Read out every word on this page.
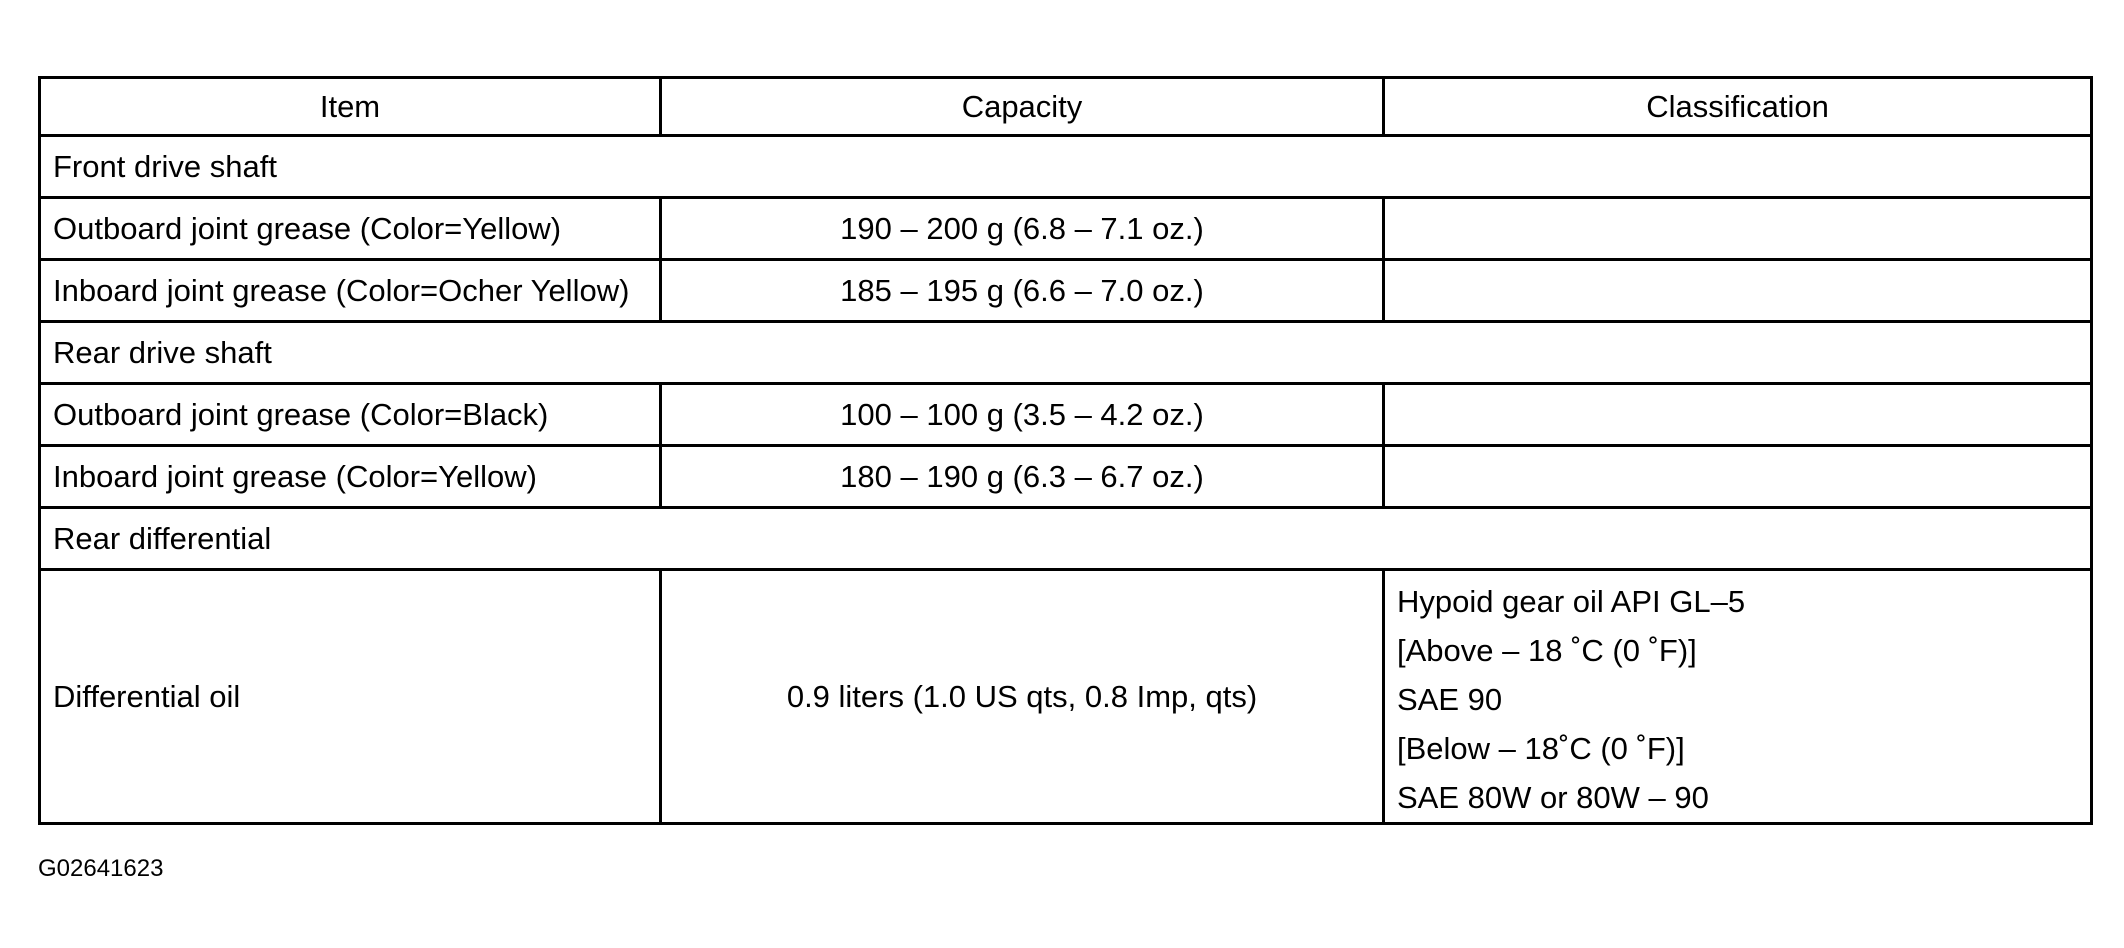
Item	Capacity	Classification
Front drive shaft		
Outboard joint grease (Color=Yellow)	190 – 200 g (6.8 – 7.1 oz.)	
Inboard joint grease (Color=Ocher Yellow)	185 – 195 g (6.6 – 7.0 oz.)	
Rear drive shaft		
Outboard joint grease (Color=Black)	100 – 100 g (3.5 – 4.2 oz.)	
Inboard joint grease (Color=Yellow)	180 – 190 g (6.3 – 6.7 oz.)	
Rear differential		
Differential oil	0.9 liters (1.0 US qts, 0.8 Imp, qts)	Hypoid gear oil API GL–5
[Above – 18 ˚C (0 ˚F)]
SAE 90
[Below – 18˚C (0 ˚F)]
SAE 80W or 80W – 90
G02641623
